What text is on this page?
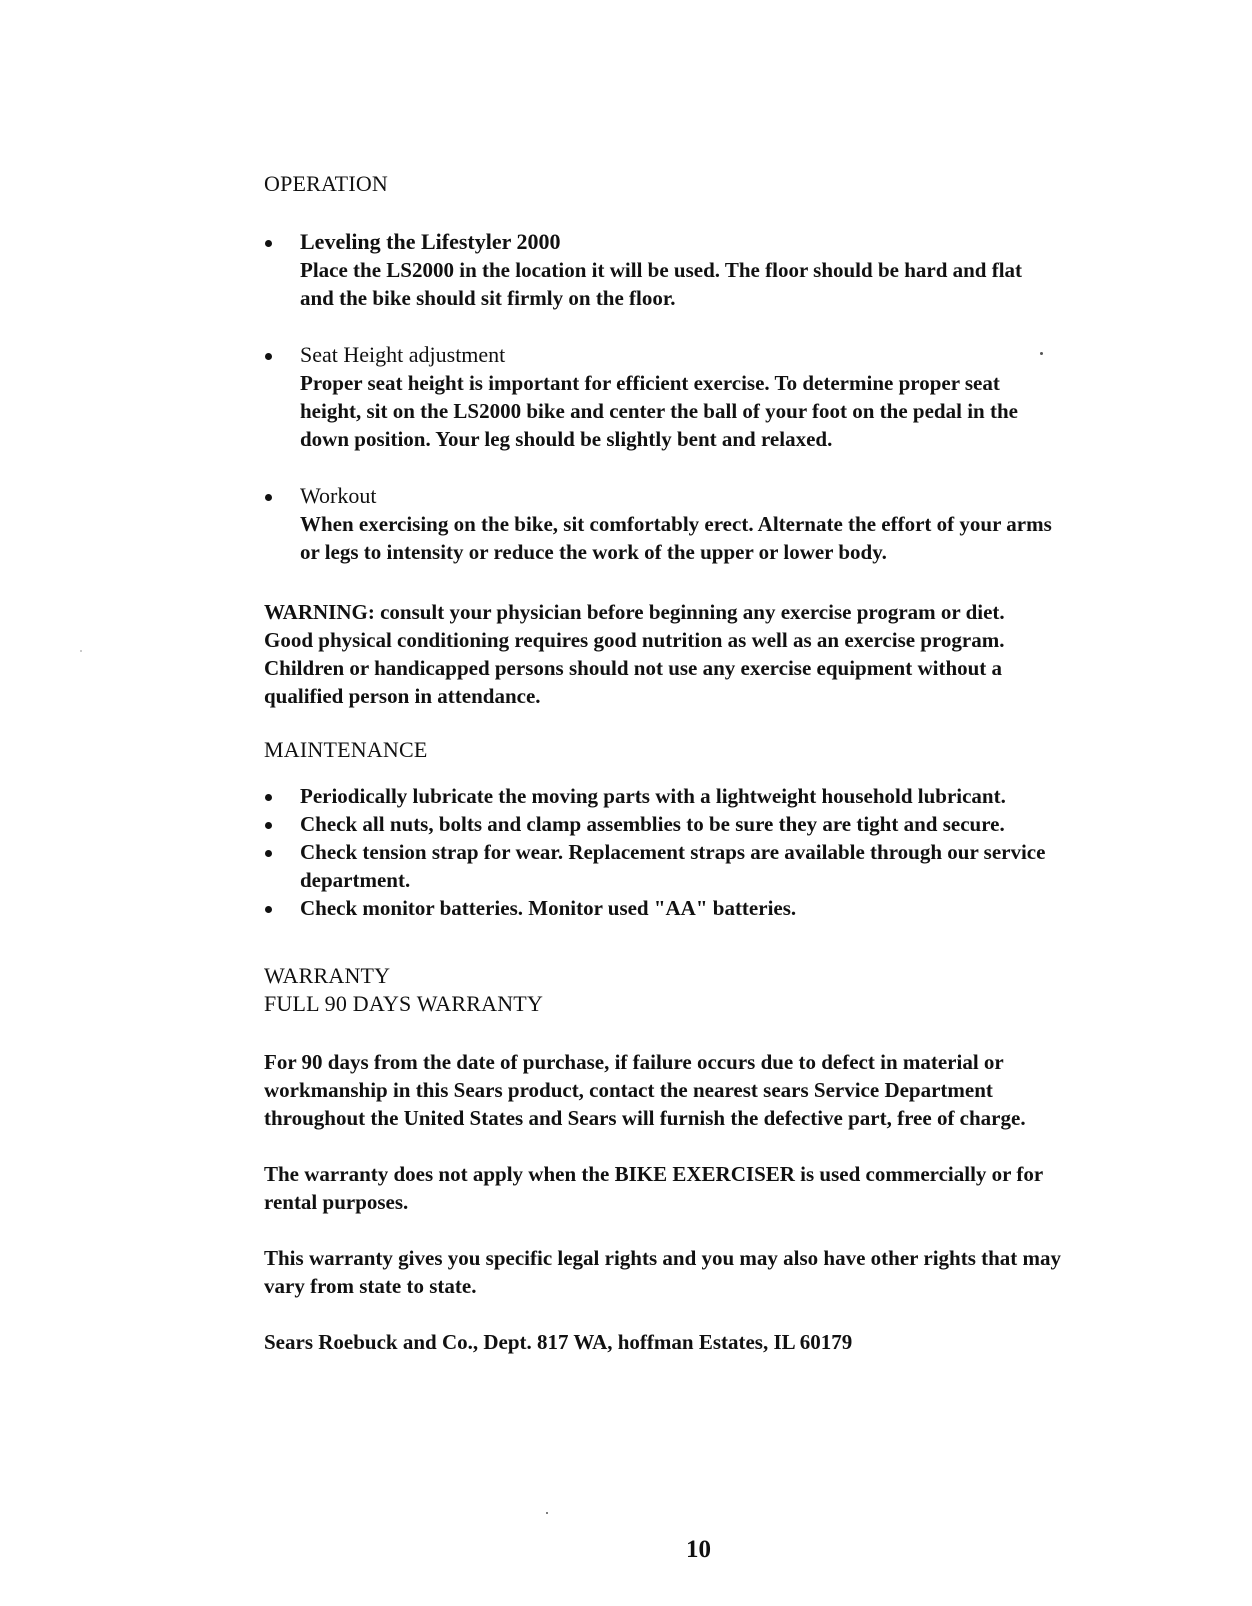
OPERATION
Leveling the Lifestyler 2000
Place the LS2000 in the location it will be used. The floor should be hard and flat
and the bike should sit firmly on the floor.
Seat Height adjustment
Proper seat height is important for efficient exercise. To determine proper seat
height, sit on the LS2000 bike and center the ball of your foot on the pedal in the
down position. Your leg should be slightly bent and relaxed.
Workout
When exercising on the bike, sit comfortably erect. Alternate the effort of your arms
or legs to intensity or reduce the work of the upper or lower body.
WARNING: consult your physician before beginning any exercise program or diet.
Good physical conditioning requires good nutrition as well as an exercise program.
Children or handicapped persons should not use any exercise equipment without a
qualified person in attendance.
MAINTENANCE
Periodically lubricate the moving parts with a lightweight household lubricant.
Check all nuts, bolts and clamp assemblies to be sure they are tight and secure.
Check tension strap for wear. Replacement straps are available through our service
department.
Check monitor batteries. Monitor used "AA" batteries.
WARRANTY
FULL 90 DAYS WARRANTY
For 90 days from the date of purchase, if failure occurs due to defect in material or
workmanship in this Sears product, contact the nearest sears Service Department
throughout the United States and Sears will furnish the defective part, free of charge.
The warranty does not apply when the BIKE EXERCISER is used commercially or for
rental purposes.
This warranty gives you specific legal rights and you may also have other rights that may
vary from state to state.
Sears Roebuck and Co., Dept. 817 WA, hoffman Estates, IL 60179
10
